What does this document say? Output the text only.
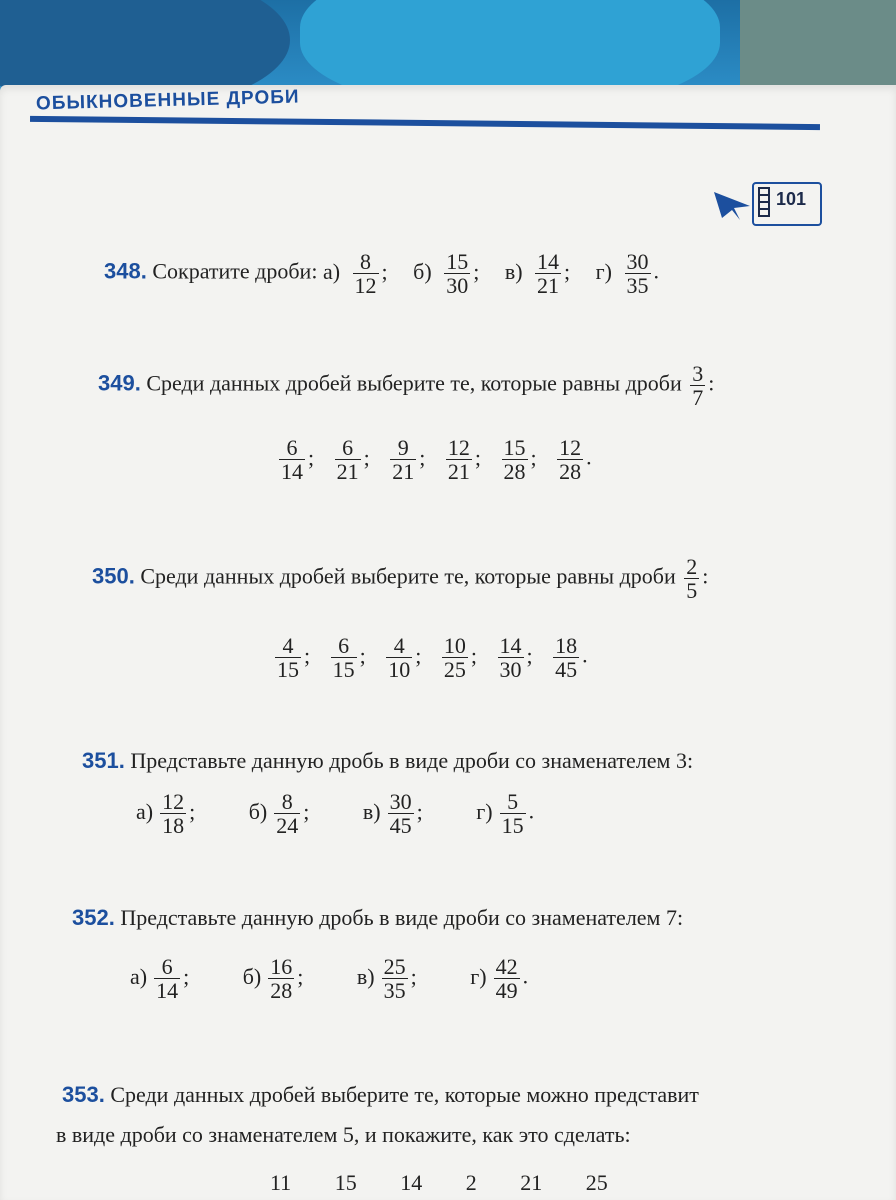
ОБЫКНОВЕННЫЕ ДРОБИ
101
348. Сократите дроби: $а) \frac{8}{12}$ ; $б) \frac{15}{30}$ ; $в) \frac{14}{21}$ ; $г) \frac{30}{35}$ .
349. Среди данных дробей выберите те, которые равны дроби $\frac{3}{7}$ :
$\frac{6}{14}$ ; $\frac{6}{21}$ ; $\frac{9}{21}$ ; $\frac{12}{21}$ ; $\frac{15}{28}$ ; $\frac{12}{28}$ .
350. Среди данных дробей выберите те, которые равны дроби $\frac{2}{5}$ :
$\frac{4}{15}$ ; $\frac{6}{15}$ ; $\frac{4}{10}$ ; $\frac{10}{25}$ ; $\frac{14}{30}$ ; $\frac{18}{45}$ .
351. Представьте данную дробь в виде дроби со знаменателем 3:
$а) \frac{12}{18}$ ; $б) \frac{8}{24}$ ; $в) \frac{30}{45}$ ; $г) \frac{5}{15}$ .
352. Представьте данную дробь в виде дроби со знаменателем 7:
$а) \frac{6}{14}$ ; $б) \frac{16}{28}$ ; $в) \frac{25}{35}$ ; $г) \frac{42}{49}$ .
353. Среди данных дробей выберите те, которые можно представит
в виде дроби со знаменателем 5, и покажите, как это сделать:
11 15 14 2 21 25
